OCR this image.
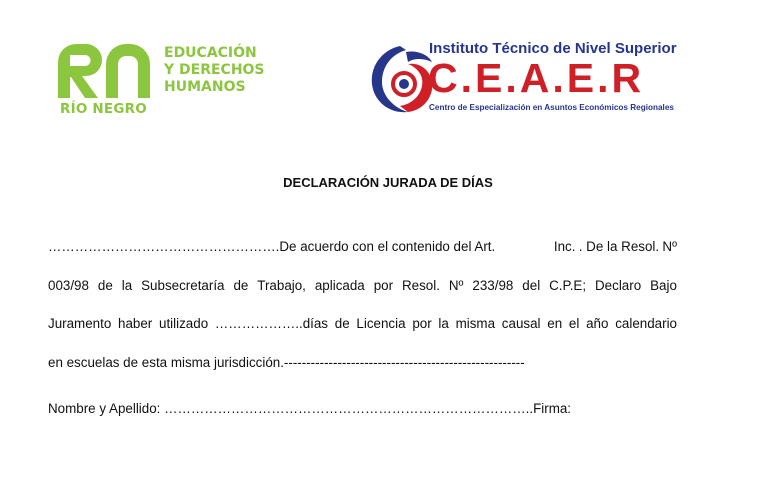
RÍO NEGRO
EDUCACIÓN
Y DERECHOS
HUMANOS
Instituto Técnico de Nivel Superior
C.E.A.E.R
Centro de Especialización en Asuntos Económicos Regionales
DECLARACIÓN JURADA DE DÍAS
…………………………………………….De acuerdo con el contenido del Art.	Inc. . De la Resol. Nº
003/98 de la Subsecretaría de Trabajo, aplicada por Resol. Nº 233/98 del C.P.E; Declaro Bajo
Juramento haber utilizado ………………..días de Licencia por la misma causal en el año calendario
en escuelas de esta misma jurisdicción.------------------------------------------------------
Nombre y Apellido: ………………………………………………………………………..Firma:
